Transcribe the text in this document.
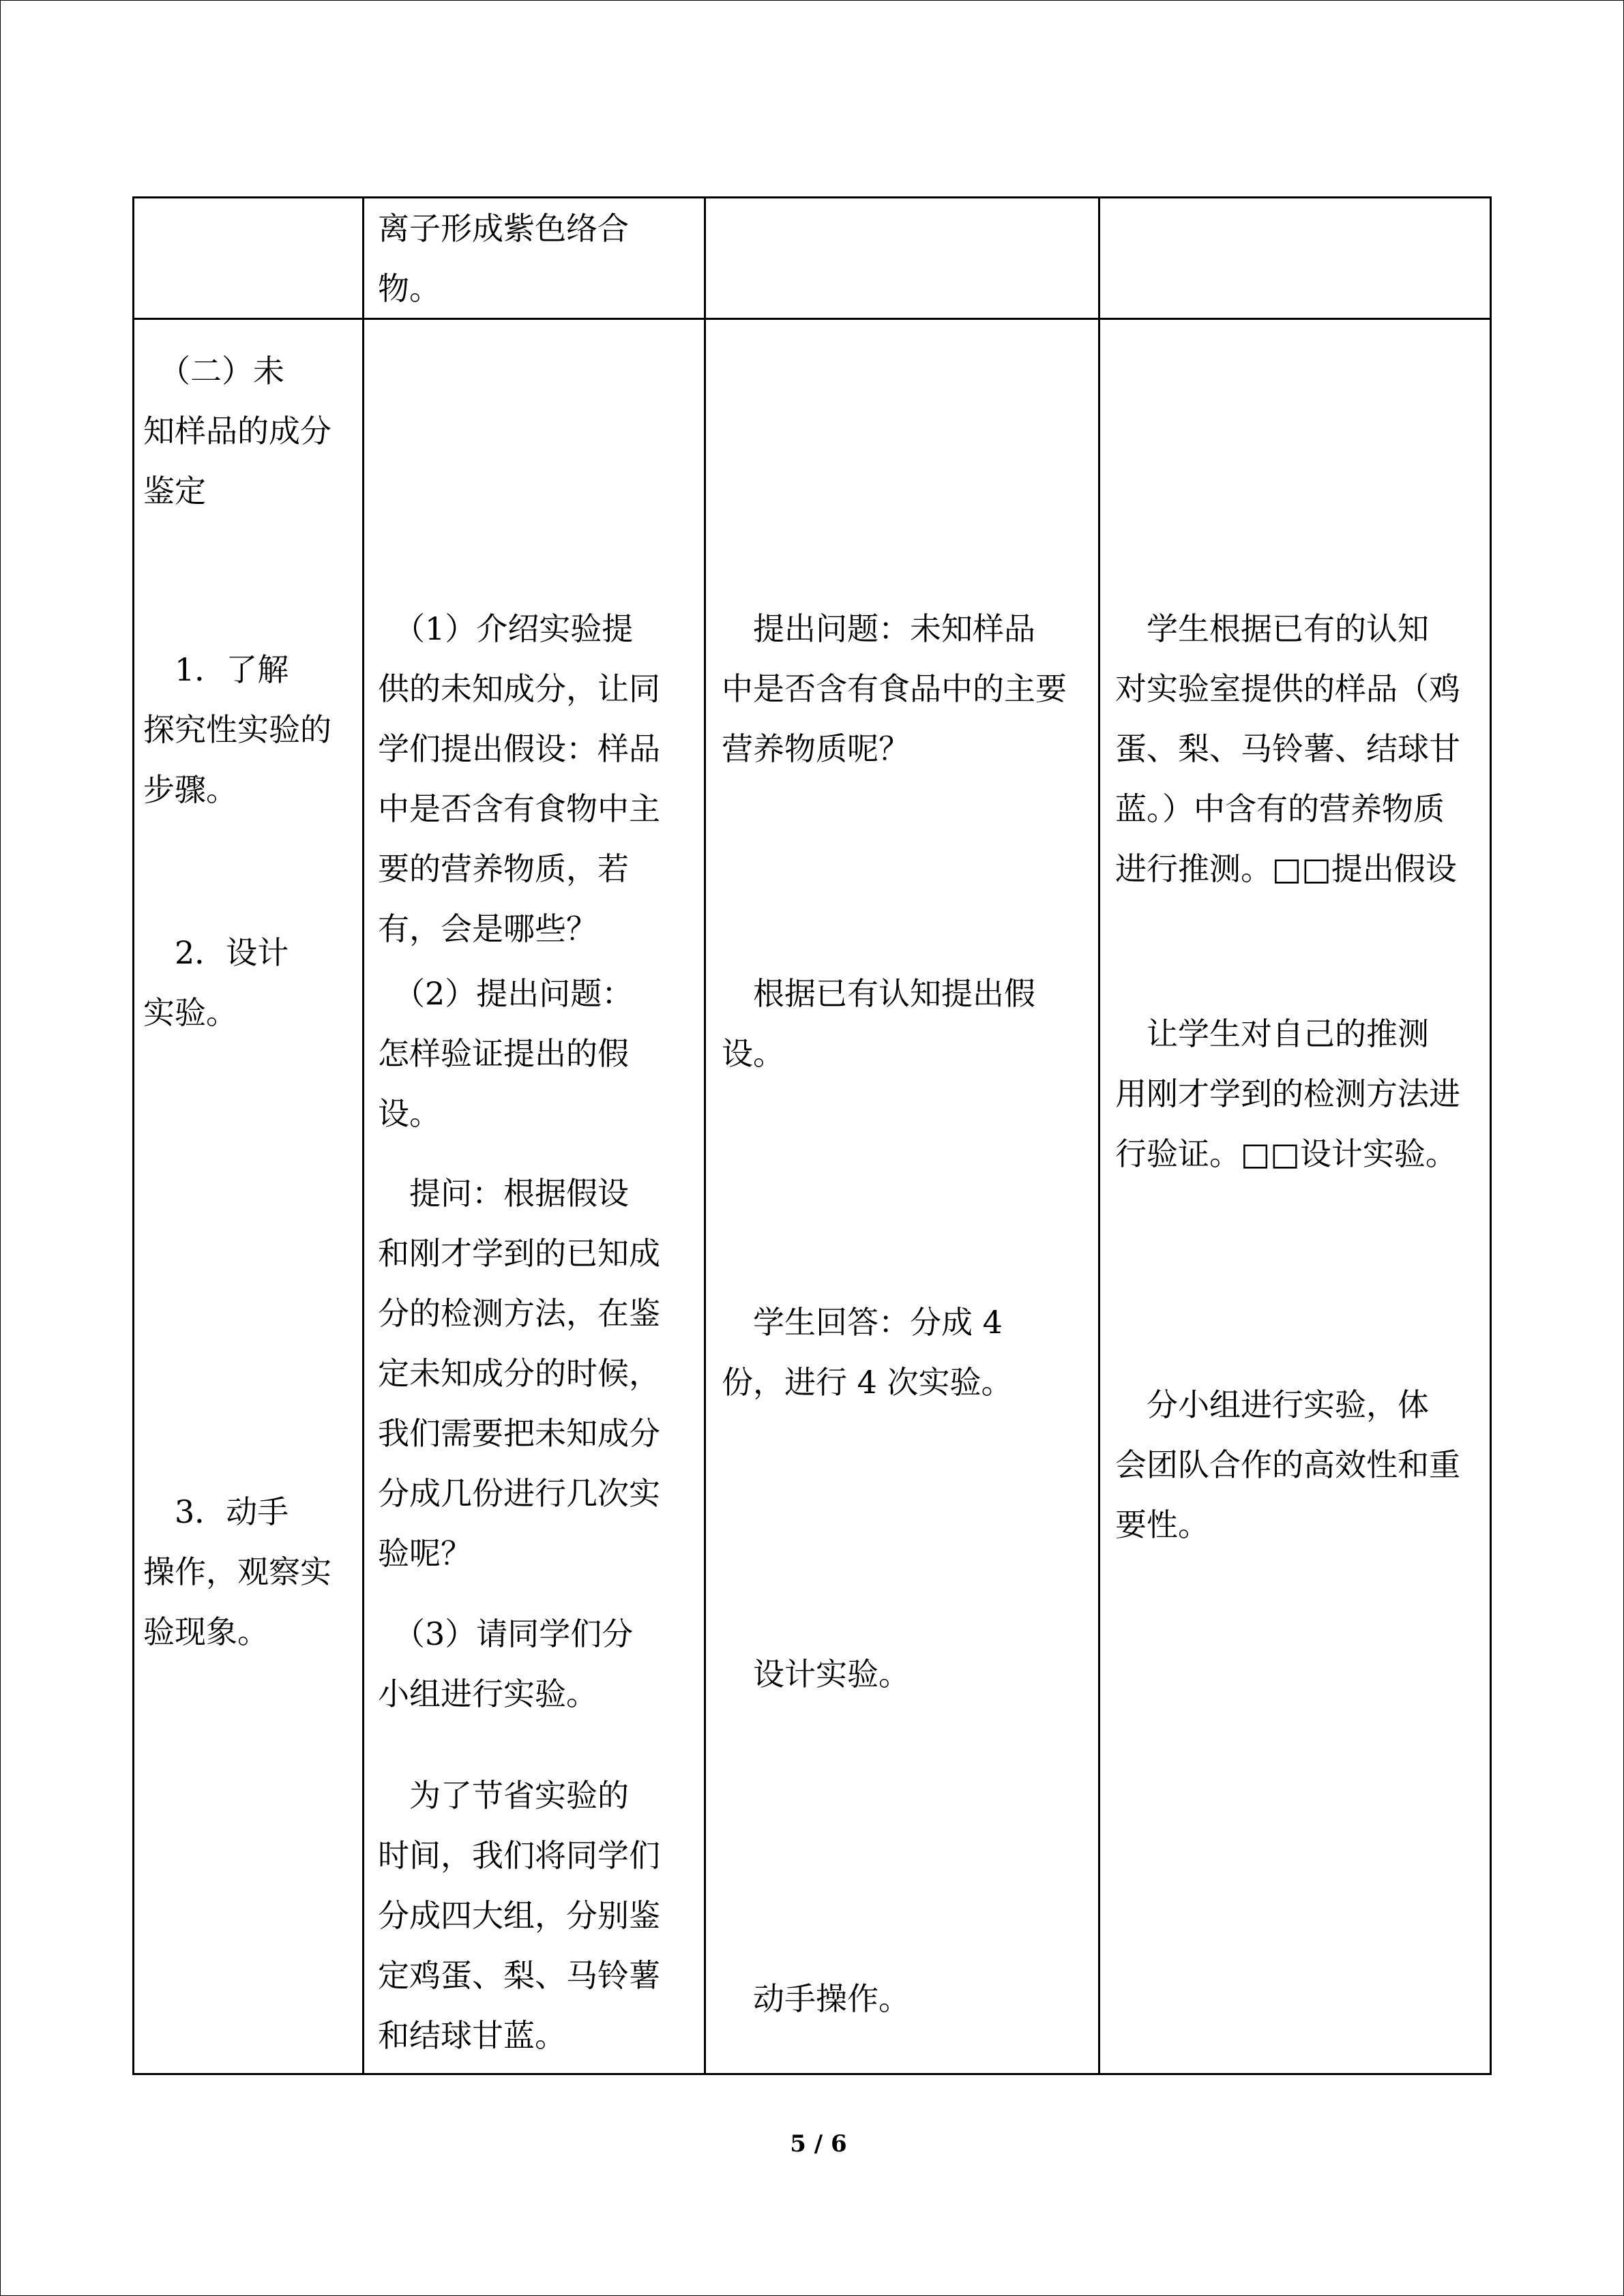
离子形成紫色络合
物。

　（二）未
知样品的成分
鉴定

　1．了解
探究性实验的
步骤。

　2．设计
实验。

　3．动手
操作，观察实
验现象。

　（1）介绍实验提
供的未知成分，让同
学们提出假设：样品
中是否含有食物中主
要的营养物质，若
有，会是哪些？

　（2）提出问题：
怎样验证提出的假
设。

　提问：根据假设
和刚才学到的已知成
分的检测方法，在鉴
定未知成分的时候，
我们需要把未知成分
分成几份进行几次实
验呢？

　（3）请同学们分
小组进行实验。

　为了节省实验的
时间，我们将同学们
分成四大组，分别鉴
定鸡蛋、梨、马铃薯
和结球甘蓝。

　提出问题：未知样品
中是否含有食品中的主要
营养物质呢？

　根据已有认知提出假
设。

　学生回答：分成 4
份，进行 4 次实验。

　设计实验。

　动手操作。

　学生根据已有的认知
对实验室提供的样品（鸡
蛋、梨、马铃薯、结球甘
蓝。）中含有的营养物质
进行推测。□□提出假设

　让学生对自己的推测
用刚才学到的检测方法进
行验证。□□设计实验。

　分小组进行实验，体
会团队合作的高效性和重
要性。

5 / 6
